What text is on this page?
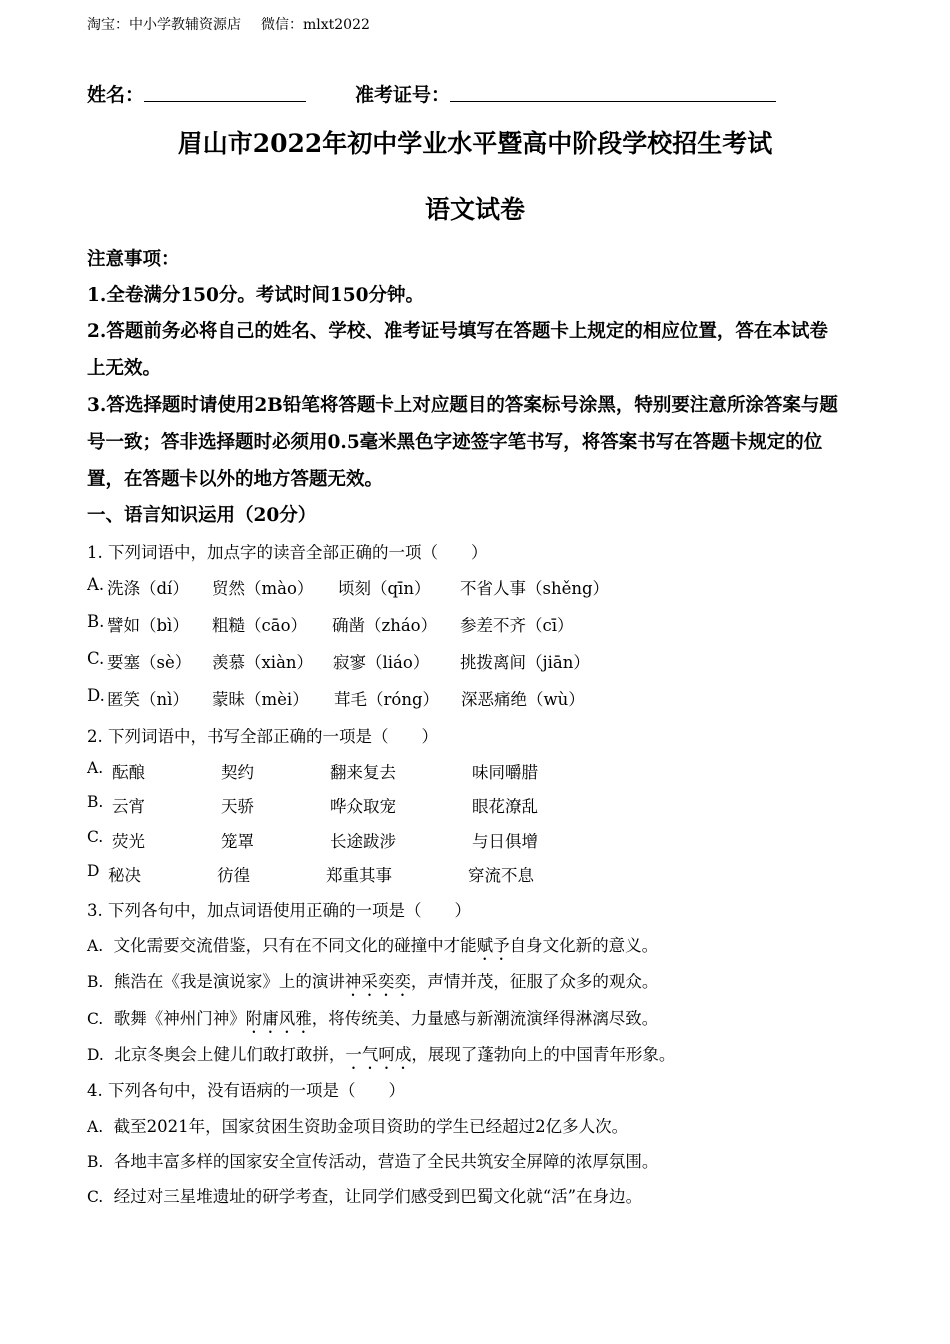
淘宝：中小学教辅资源店 微信：mlxt2022
姓名：	准考证号：
眉山市2022年初中学业水平暨高中阶段学校招生考试
语文试卷
注意事项：
1.全卷满分150分。考试时间150分钟。
2.答题前务必将自己的姓名、学校、准考证号填写在答题卡上规定的相应位置，答在本试卷
上无效。
3.答选择题时请使用2B铅笔将答题卡上对应题目的答案标号涂黑，特别要注意所涂答案与题
号一致；答非选择题时必须用0.5毫米黑色字迹签字笔书写，将答案书写在答题卡规定的位
置，在答题卡以外的地方答题无效。
一、语言知识运用（20分）
1. 下列词语中，加点字的读音全部正确的一项（　　）
A. 洗涤（dí） 贸然（mào） 顷刻（qīn） 不省人事（shěng）
B. 譬如（bì） 粗糙（cāo） 确凿（zháo） 参差不齐（cī）
C. 要塞（sè） 羡慕（xiàn） 寂寥（liáo） 挑拨离间（jiān）
D. 匿笑（nì） 蒙昧（mèi） 茸毛（róng） 深恶痛绝（wù）
2. 下列词语中，书写全部正确的一项是（　　）
A. 酝酿	契约	翻来复去	味同嚼腊
B. 云宵	天骄	哗众取宠	眼花潦乱
C. 荧光	笼罩	长途跋涉	与日俱增
D 秘决	彷徨	郑重其事	穿流不息
3. 下列各句中，加点词语使用正确的一项是（　　）
A. 文化需要交流借鉴，只有在不同文化的碰撞中才能赋予自身文化新的意义。
B. 熊浩在《我是演说家》上的演讲神采奕奕，声情并茂，征服了众多的观众。
C. 歌舞《神州门神》附庸风雅，将传统美、力量感与新潮流演绎得淋漓尽致。
D. 北京冬奥会上健儿们敢打敢拼，一气呵成，展现了蓬勃向上的中国青年形象。
4. 下列各句中，没有语病的一项是（　　）
A. 截至2021年，国家贫困生资助金项目资助的学生已经超过2亿多人次。
B. 各地丰富多样的国家安全宣传活动，营造了全民共筑安全屏障的浓厚氛围。
C. 经过对三星堆遗址的研学考查，让同学们感受到巴蜀文化就“活”在身边。
